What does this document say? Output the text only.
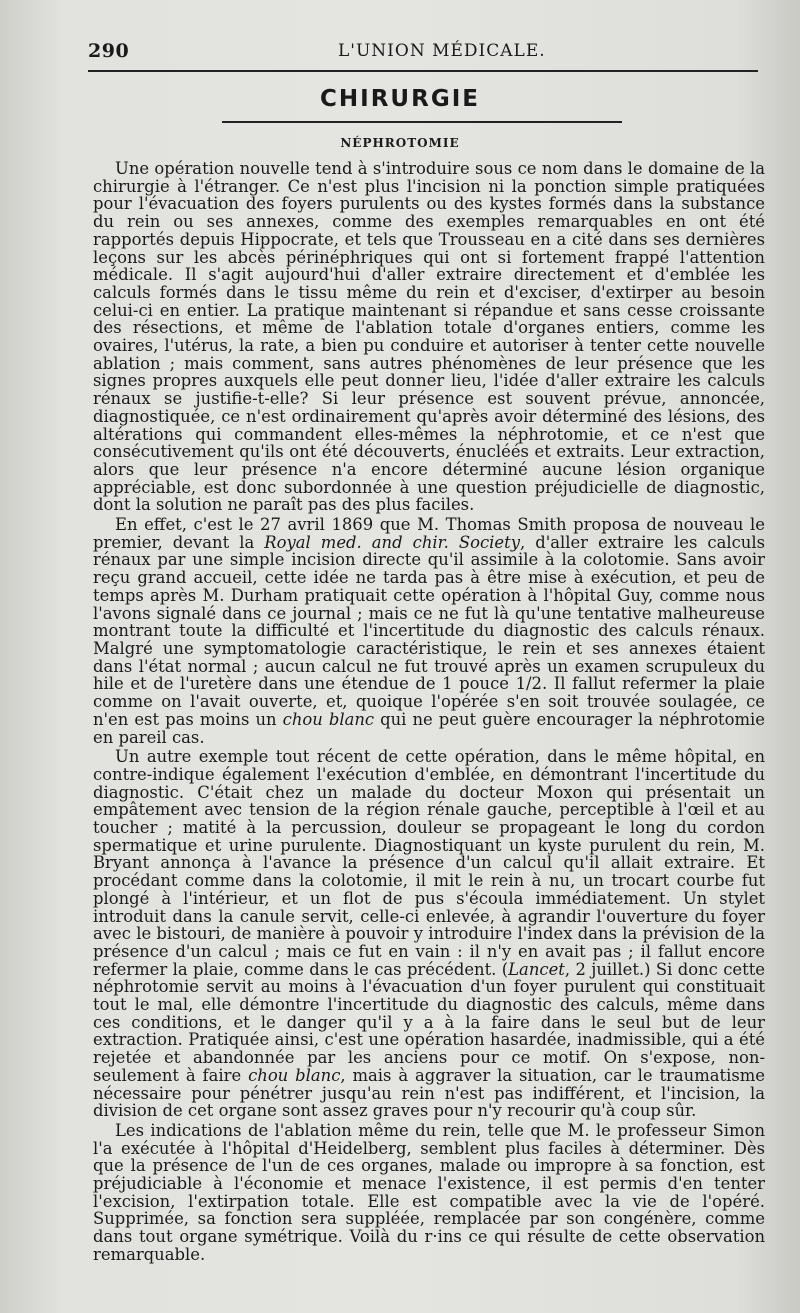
290	L'UNION MÉDICALE.
CHIRURGIE
NÉPHROTOMIE

Une opération nouvelle tend à s'introduire sous ce nom dans le domaine de la chirurgie à l'étranger. Ce n'est plus l'incision ni la ponction simple pratiquées pour l'évacuation des foyers purulents ou des kystes formés dans la substance du rein ou ses annexes, comme des exemples remarquables en ont été rapportés depuis Hippocrate, et tels que Trousseau en a cité dans ses dernières leçons sur les abcès périnéphriques qui ont si fortement frappé l'attention médicale. Il s'agit aujourd'hui d'aller extraire directement et d'emblée les calculs formés dans le tissu même du rein et d'exciser, d'extirper au besoin celui-ci en entier. La pratique maintenant si répandue et sans cesse croissante des résections, et même de l'ablation totale d'organes entiers, comme les ovaires, l'utérus, la rate, a bien pu conduire et autoriser à tenter cette nouvelle ablation ; mais comment, sans autres phénomènes de leur présence que les signes propres auxquels elle peut donner lieu, l'idée d'aller extraire les calculs rénaux se justifie-t-elle? Si leur présence est souvent prévue, annoncée, diagnostiquée, ce n'est ordinairement qu'après avoir déterminé des lésions, des altérations qui commandent elles-mêmes la néphrotomie, et ce n'est que consécutivement qu'ils ont été découverts, énucléés et extraits. Leur extraction, alors que leur présence n'a encore déterminé aucune lésion organique appréciable, est donc subordonnée à une question préjudicielle de diagnostic, dont la solution ne paraît pas des plus faciles.

En effet, c'est le 27 avril 1869 que M. Thomas Smith proposa de nouveau le premier, devant la Royal med. and chir. Society, d'aller extraire les calculs rénaux par une simple incision directe qu'il assimile à la colotomie. Sans avoir reçu grand accueil, cette idée ne tarda pas à être mise à exécution, et peu de temps après M. Durham pratiquait cette opération à l'hôpital Guy, comme nous l'avons signalé dans ce journal ; mais ce ne fut là qu'une tentative malheureuse montrant toute la difficulté et l'incertitude du diagnostic des calculs rénaux. Malgré une symptomatologie caractéristique, le rein et ses annexes étaient dans l'état normal ; aucun calcul ne fut trouvé après un examen scrupuleux du hile et de l'uretère dans une étendue de 1 pouce 1/2. Il fallut refermer la plaie comme on l'avait ouverte, et, quoique l'opérée s'en soit trouvée soulagée, ce n'en est pas moins un chou blanc qui ne peut guère encourager la néphrotomie en pareil cas.

Un autre exemple tout récent de cette opération, dans le même hôpital, en contre-indique également l'exécution d'emblée, en démontrant l'incertitude du diagnostic. C'était chez un malade du docteur Moxon qui présentait un empâtement avec tension de la région rénale gauche, perceptible à l'œil et au toucher ; matité à la percussion, douleur se propageant le long du cordon spermatique et urine purulente. Diagnostiquant un kyste purulent du rein, M. Bryant annonça à l'avance la présence d'un calcul qu'il allait extraire. Et procédant comme dans la colotomie, il mit le rein à nu, un trocart courbe fut plongé à l'intérieur, et un flot de pus s'écoula immédiatement. Un stylet introduit dans la canule servit, celle-ci enlevée, à agrandir l'ouverture du foyer avec le bistouri, de manière à pouvoir y introduire l'index dans la prévision de la présence d'un calcul ; mais ce fut en vain : il n'y en avait pas ; il fallut encore refermer la plaie, comme dans le cas précédent. (Lancet, 2 juillet.) Si donc cette néphrotomie servit au moins à l'évacuation d'un foyer purulent qui constituait tout le mal, elle démontre l'incertitude du diagnostic des calculs, même dans ces conditions, et le danger qu'il y a à la faire dans le seul but de leur extraction. Pratiquée ainsi, c'est une opération hasardée, inadmissible, qui a été rejetée et abandonnée par les anciens pour ce motif. On s'expose, non-seulement à faire chou blanc, mais à aggraver la situation, car le traumatisme nécessaire pour pénétrer jusqu'au rein n'est pas indifférent, et l'incision, la division de cet organe sont assez graves pour n'y recourir qu'à coup sûr.

Les indications de l'ablation même du rein, telle que M. le professeur Simon l'a exécutée à l'hôpital d'Heidelberg, semblent plus faciles à déterminer. Dès que la présence de l'un de ces organes, malade ou impropre à sa fonction, est préjudiciable à l'économie et menace l'existence, il est permis d'en tenter l'excision, l'extirpation totale. Elle est compatible avec la vie de l'opéré. Supprimée, sa fonction sera suppléée, remplacée par son congénère, comme dans tout organe symétrique. Voilà du r·ins ce qui résulte de cette observation remarquable.
